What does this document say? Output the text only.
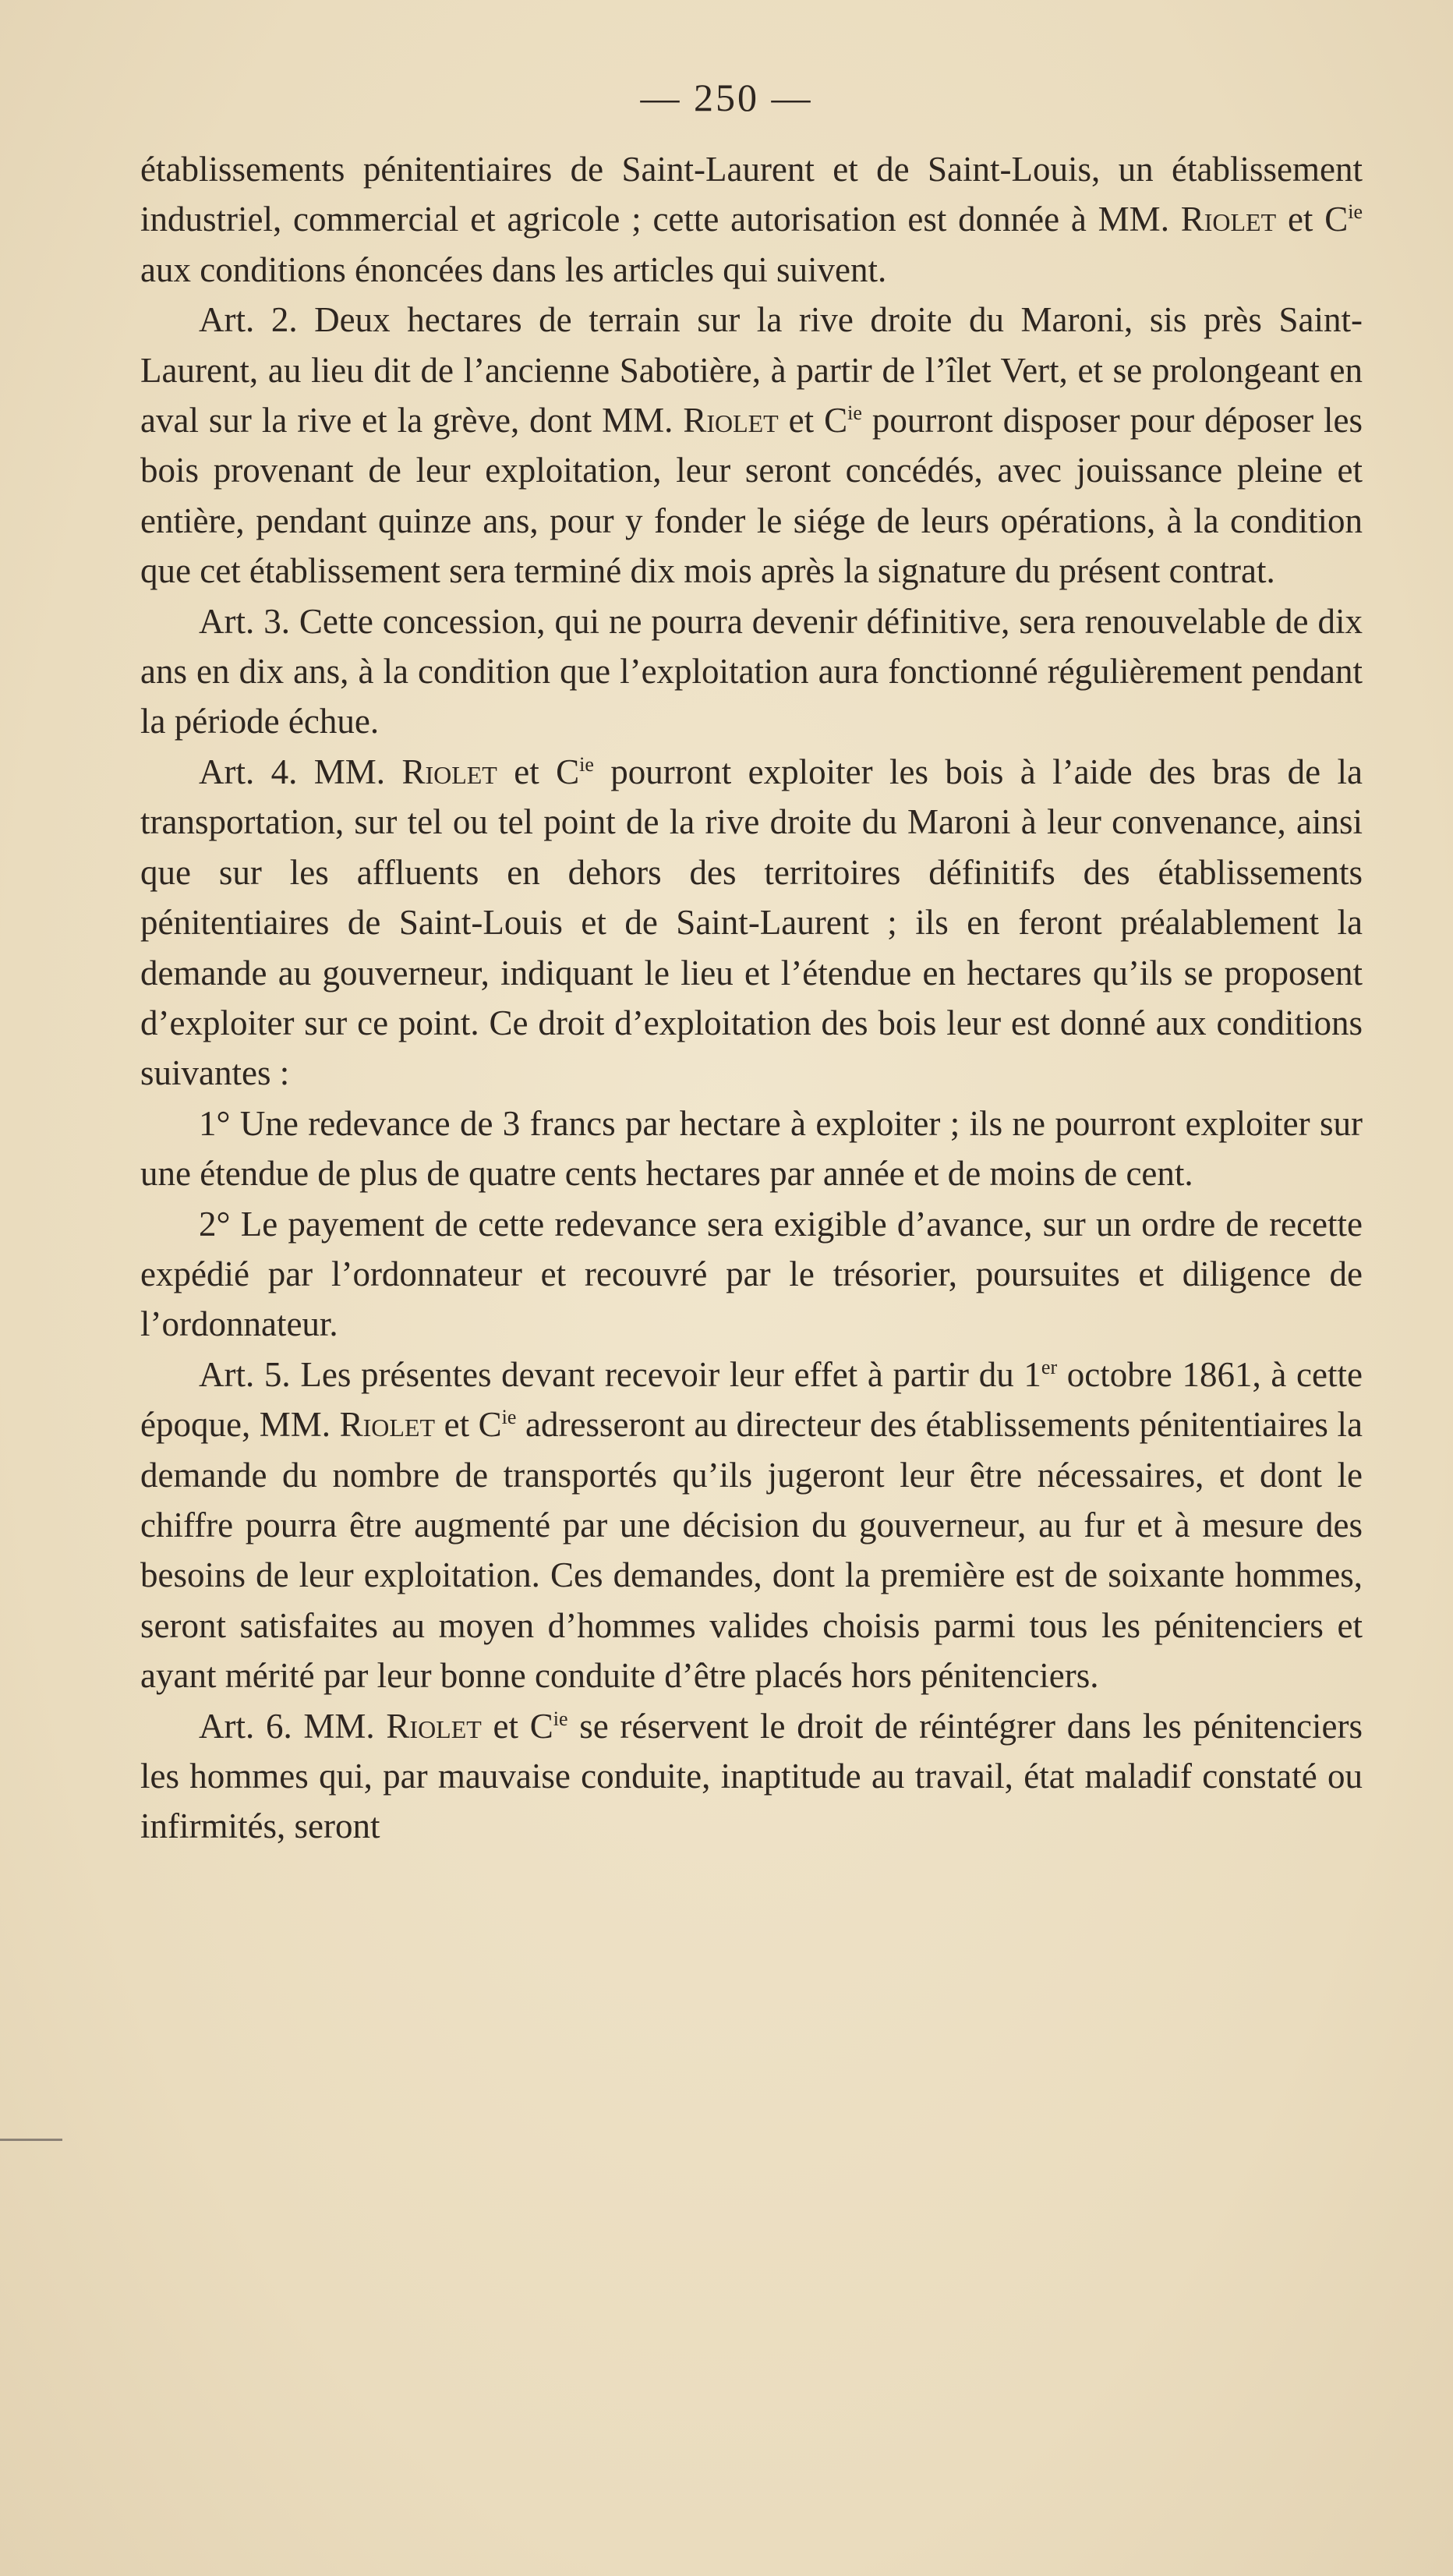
— 250 —

établissements pénitentiaires de Saint-Laurent et de Saint-Louis, un établissement industriel, commercial et agricole ; cette autorisation est donnée à MM. Riolet et $C^{ie}$ aux conditions énoncées dans les articles qui suivent.

Art. 2. Deux hectares de terrain sur la rive droite du Maroni, sis près Saint-Laurent, au lieu dit de l’ancienne Sabotière, à partir de l’îlet Vert, et se prolongeant en aval sur la rive et la grève, dont MM. Riolet et $C^{ie}$ pourront disposer pour déposer les bois provenant de leur exploitation, leur seront concédés, avec jouissance pleine et entière, pendant quinze ans, pour y fonder le siége de leurs opérations, à la condition que cet établissement sera terminé dix mois après la signature du présent contrat.

Art. 3. Cette concession, qui ne pourra devenir définitive, sera renouvelable de dix ans en dix ans, à la condition que l’exploitation aura fonctionné régulièrement pendant la période échue.

Art. 4. MM. Riolet et $C^{ie}$ pourront exploiter les bois à l’aide des bras de la transportation, sur tel ou tel point de la rive droite du Maroni à leur convenance, ainsi que sur les affluents en dehors des territoires définitifs des établissements pénitentiaires de Saint-Louis et de Saint-Laurent ; ils en feront préalablement la demande au gouverneur, indiquant le lieu et l’étendue en hectares qu’ils se proposent d’exploiter sur ce point. Ce droit d’exploitation des bois leur est donné aux conditions suivantes :

1° Une redevance de 3 francs par hectare à exploiter ; ils ne pourront exploiter sur une étendue de plus de quatre cents hectares par année et de moins de cent.

2° Le payement de cette redevance sera exigible d’avance, sur un ordre de recette expédié par l’ordonnateur et recouvré par le trésorier, poursuites et diligence de l’ordonnateur.

Art. 5. Les présentes devant recevoir leur effet à partir du 1er octobre 1861, à cette époque, MM. Riolet et $C^{ie}$ adresseront au directeur des établissements pénitentiaires la demande du nombre de transportés qu’ils jugeront leur être nécessaires, et dont le chiffre pourra être augmenté par une décision du gouverneur, au fur et à mesure des besoins de leur exploitation. Ces demandes, dont la première est de soixante hommes, seront satisfaites au moyen d’hommes valides choisis parmi tous les pénitenciers et ayant mérité par leur bonne conduite d’être placés hors pénitenciers.

Art. 6. MM. Riolet et $C^{ie}$ se réservent le droit de réintégrer dans les pénitenciers les hommes qui, par mauvaise conduite, inaptitude au travail, état maladif constaté ou infirmités, seront
